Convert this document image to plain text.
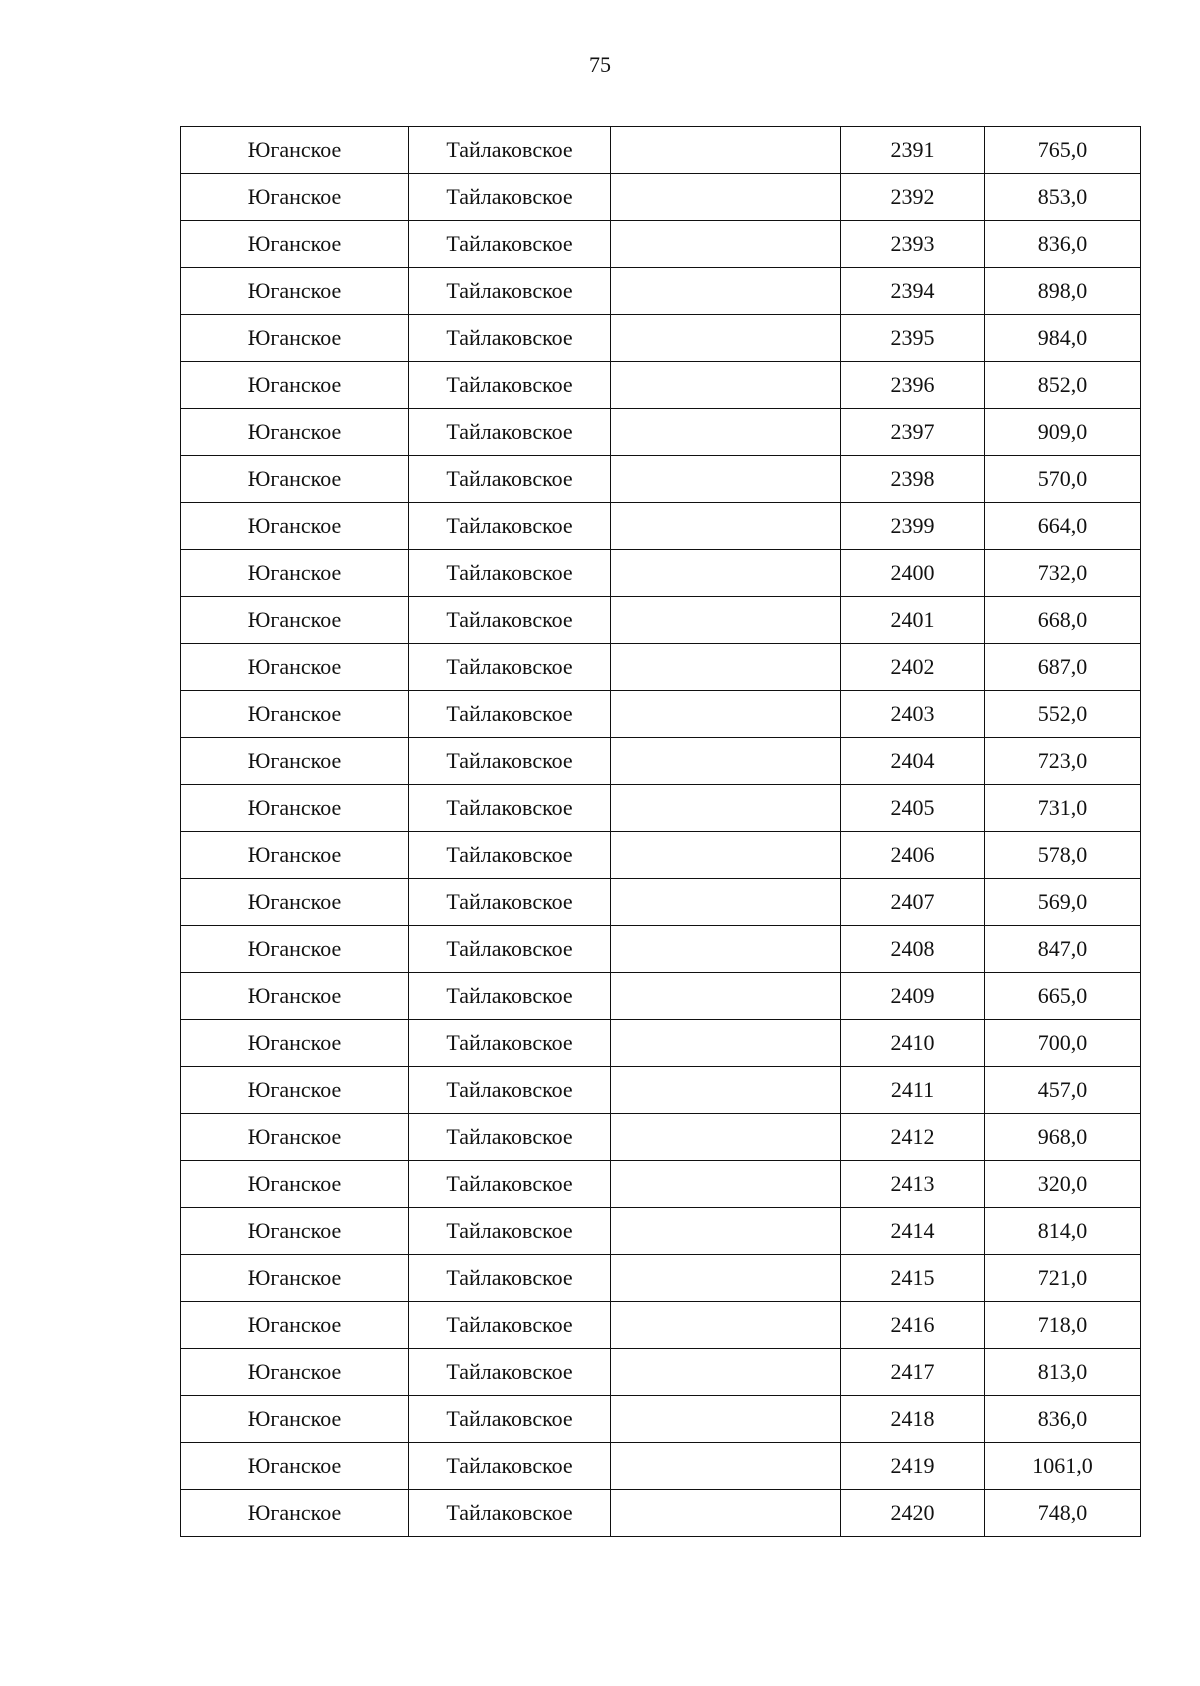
75
Юганское	Тайлаковское		2391	765,0
Юганское	Тайлаковское		2392	853,0
Юганское	Тайлаковское		2393	836,0
Юганское	Тайлаковское		2394	898,0
Юганское	Тайлаковское		2395	984,0
Юганское	Тайлаковское		2396	852,0
Юганское	Тайлаковское		2397	909,0
Юганское	Тайлаковское		2398	570,0
Юганское	Тайлаковское		2399	664,0
Юганское	Тайлаковское		2400	732,0
Юганское	Тайлаковское		2401	668,0
Юганское	Тайлаковское		2402	687,0
Юганское	Тайлаковское		2403	552,0
Юганское	Тайлаковское		2404	723,0
Юганское	Тайлаковское		2405	731,0
Юганское	Тайлаковское		2406	578,0
Юганское	Тайлаковское		2407	569,0
Юганское	Тайлаковское		2408	847,0
Юганское	Тайлаковское		2409	665,0
Юганское	Тайлаковское		2410	700,0
Юганское	Тайлаковское		2411	457,0
Юганское	Тайлаковское		2412	968,0
Юганское	Тайлаковское		2413	320,0
Юганское	Тайлаковское		2414	814,0
Юганское	Тайлаковское		2415	721,0
Юганское	Тайлаковское		2416	718,0
Юганское	Тайлаковское		2417	813,0
Юганское	Тайлаковское		2418	836,0
Юганское	Тайлаковское		2419	1061,0
Юганское	Тайлаковское		2420	748,0
